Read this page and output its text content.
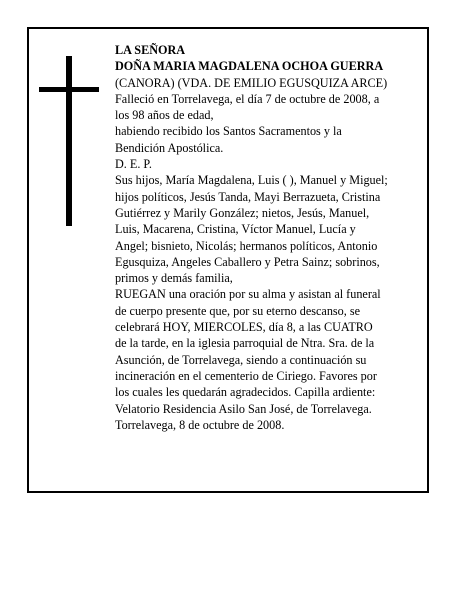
LA SEÑORA

DOÑA MARIA MAGDALENA OCHOA GUERRA

(CANORA) (VDA. DE EMILIO EGUSQUIZA ARCE)

Falleció en Torrelavega, el día 7 de octubre de 2008, a

los 98 años de edad,

habiendo recibido los Santos Sacramentos y la

Bendición Apostólica.

D. E. P.

Sus hijos, María Magdalena, Luis ( ), Manuel y Miguel;

hijos políticos, Jesús Tanda, Mayi Berrazueta, Cristina

Gutiérrez y Marily González; nietos, Jesús, Manuel,

Luis, Macarena, Cristina, Víctor Manuel, Lucía y

Angel; bisnieto, Nicolás; hermanos políticos, Antonio

Egusquiza, Angeles Caballero y Petra Sainz; sobrinos,

primos y demás familia,

RUEGAN una oración por su alma y asistan al funeral

de cuerpo presente que, por su eterno descanso, se

celebrará HOY, MIERCOLES, día 8, a las CUATRO

de la tarde, en la iglesia parroquial de Ntra. Sra. de la

Asunción, de Torrelavega, siendo a continuación su

incineración en el cementerio de Ciriego. Favores por

los cuales les quedarán agradecidos. Capilla ardiente:

Velatorio Residencia Asilo San José, de Torrelavega.

Torrelavega, 8 de octubre de 2008.
